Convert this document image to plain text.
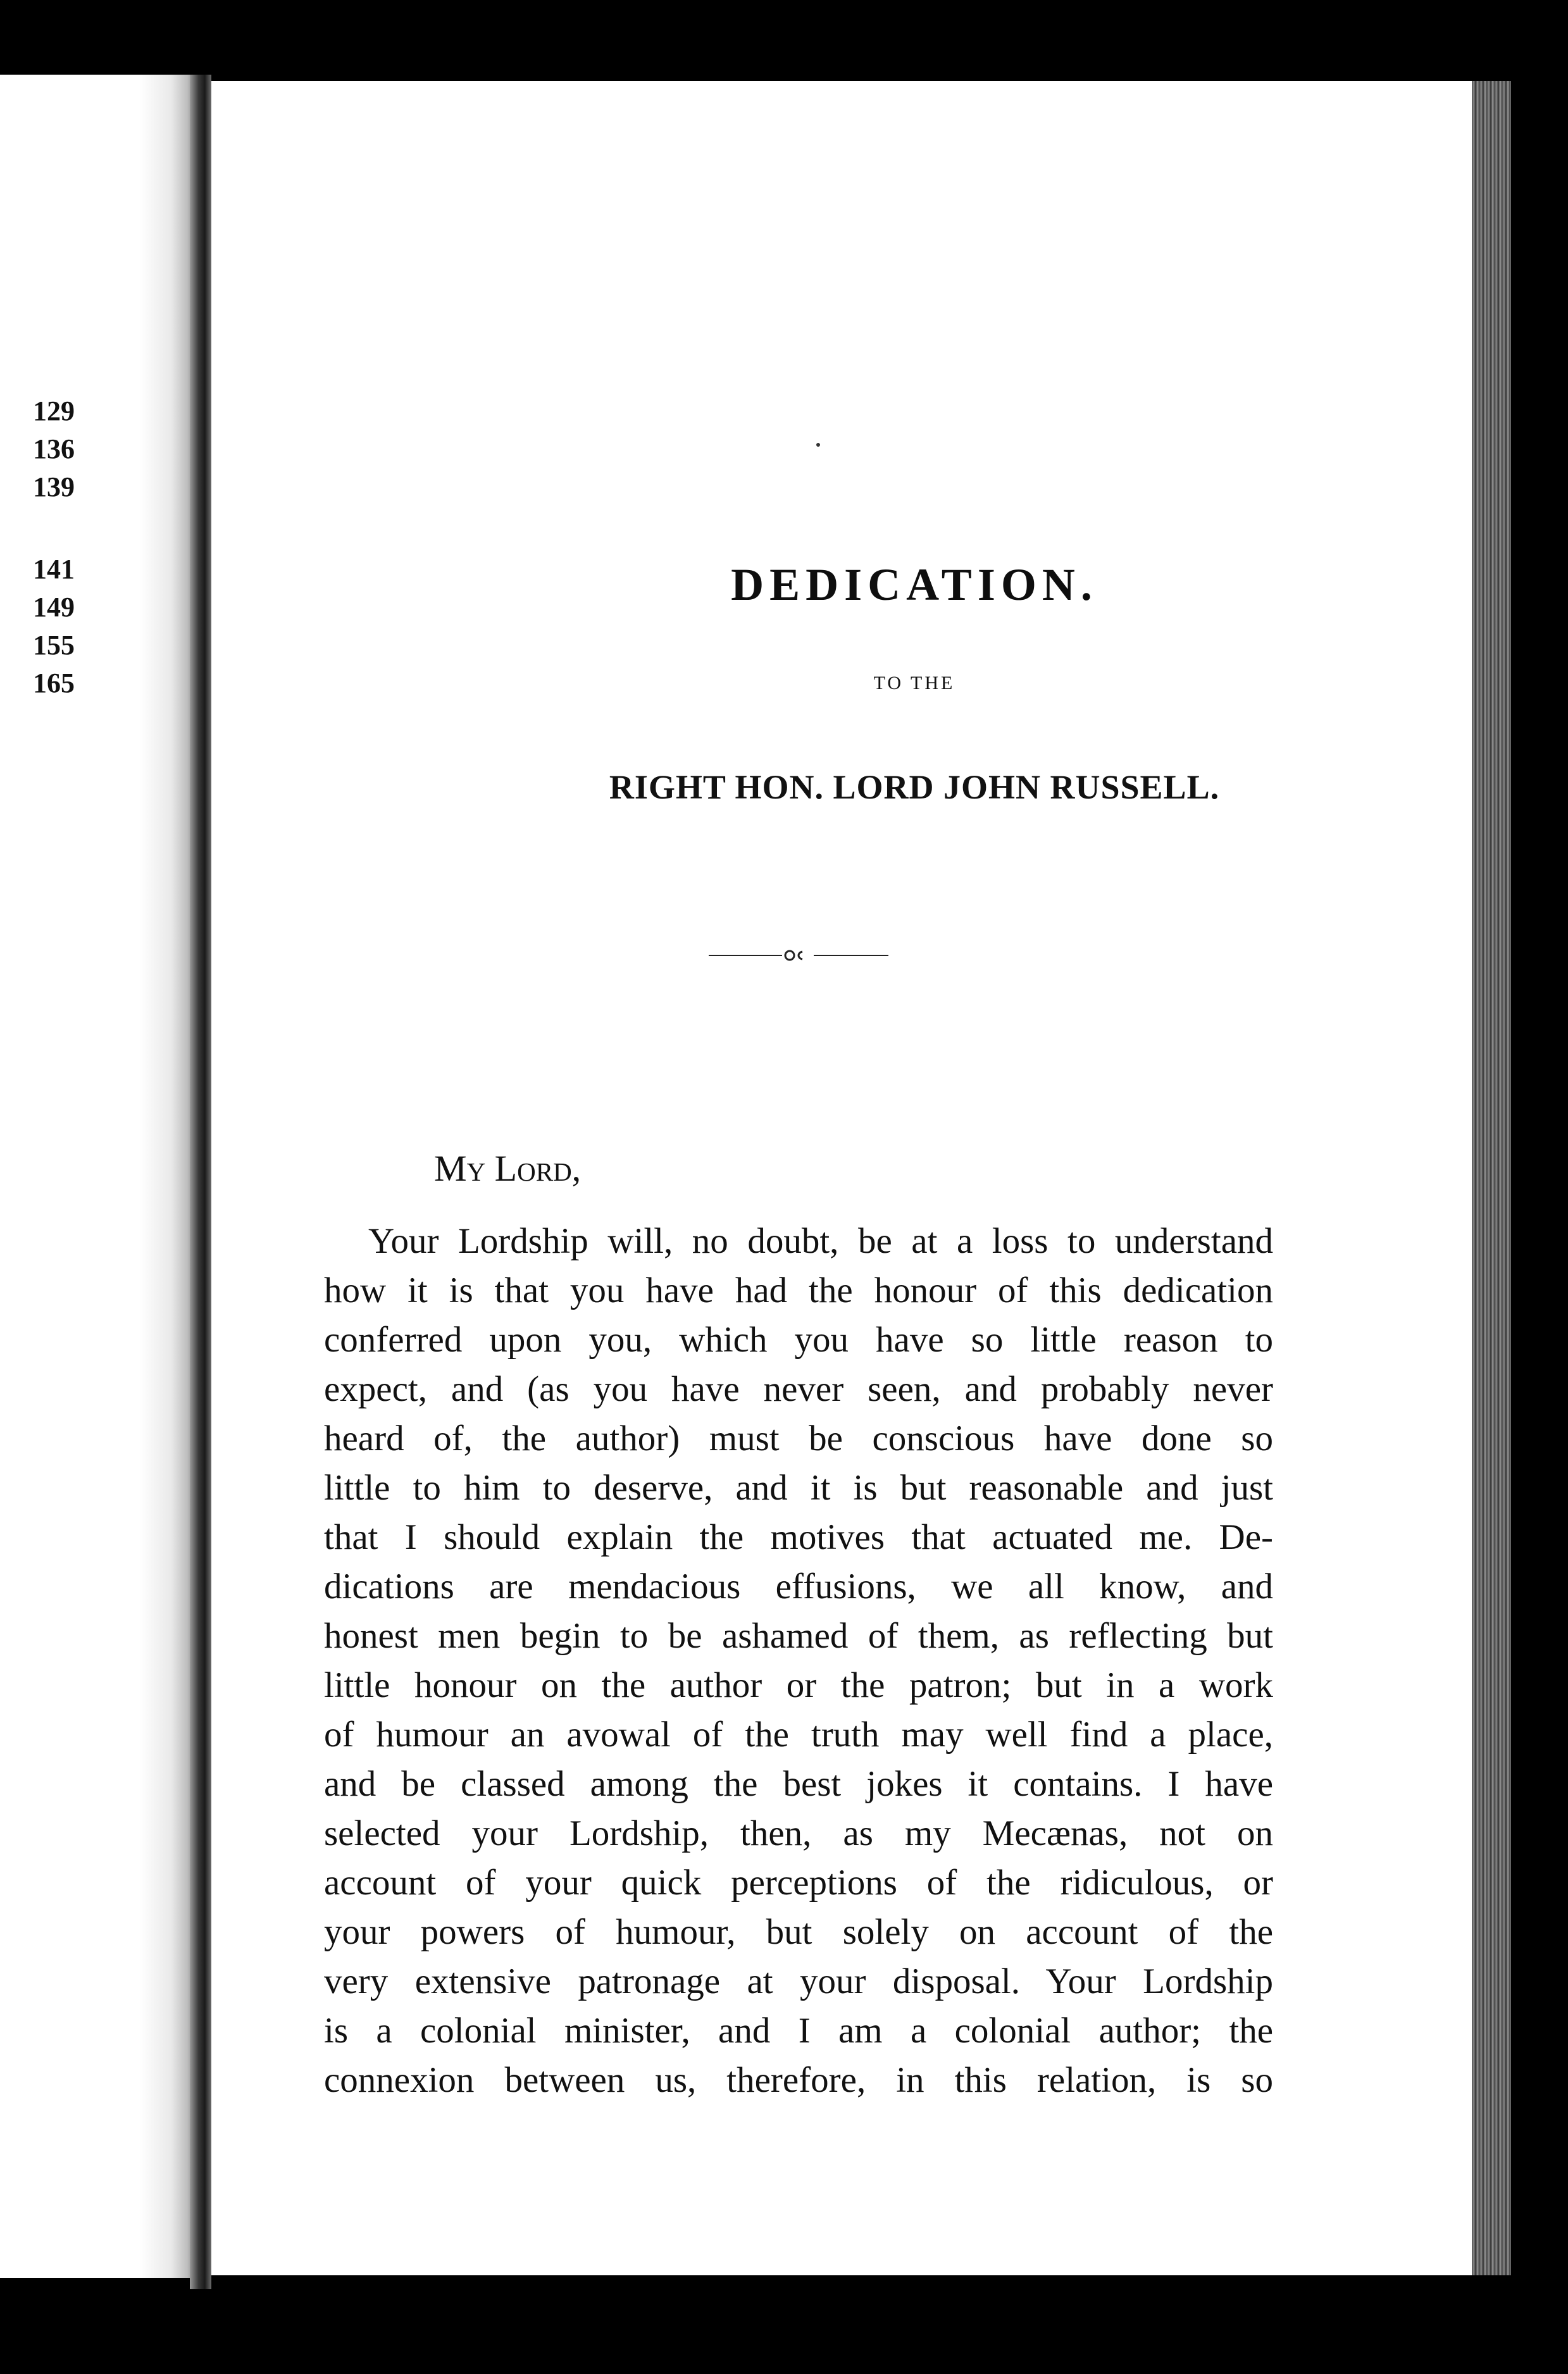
129
136
139
141
149
155
165
DEDICATION.
TO THE
RIGHT HON. LORD JOHN RUSSELL.
My Lord,
Your Lordship will, no doubt, be at a loss to understand
how it is that you have had the honour of this dedication
conferred upon you, which you have so little reason to
expect, and (as you have never seen, and probably never
heard of, the author) must be conscious have done so
little to him to deserve, and it is but reasonable and just
that I should explain the motives that actuated me. De-
dications are mendacious effusions, we all know, and
honest men begin to be ashamed of them, as reflecting but
little honour on the author or the patron; but in a work
of humour an avowal of the truth may well find a place,
and be classed among the best jokes it contains. I have
selected your Lordship, then, as my Mecænas, not on
account of your quick perceptions of the ridiculous, or
your powers of humour, but solely on account of the
very extensive patronage at your disposal. Your Lordship
is a colonial minister, and I am a colonial author; the
connexion between us, therefore, in this relation, is so
